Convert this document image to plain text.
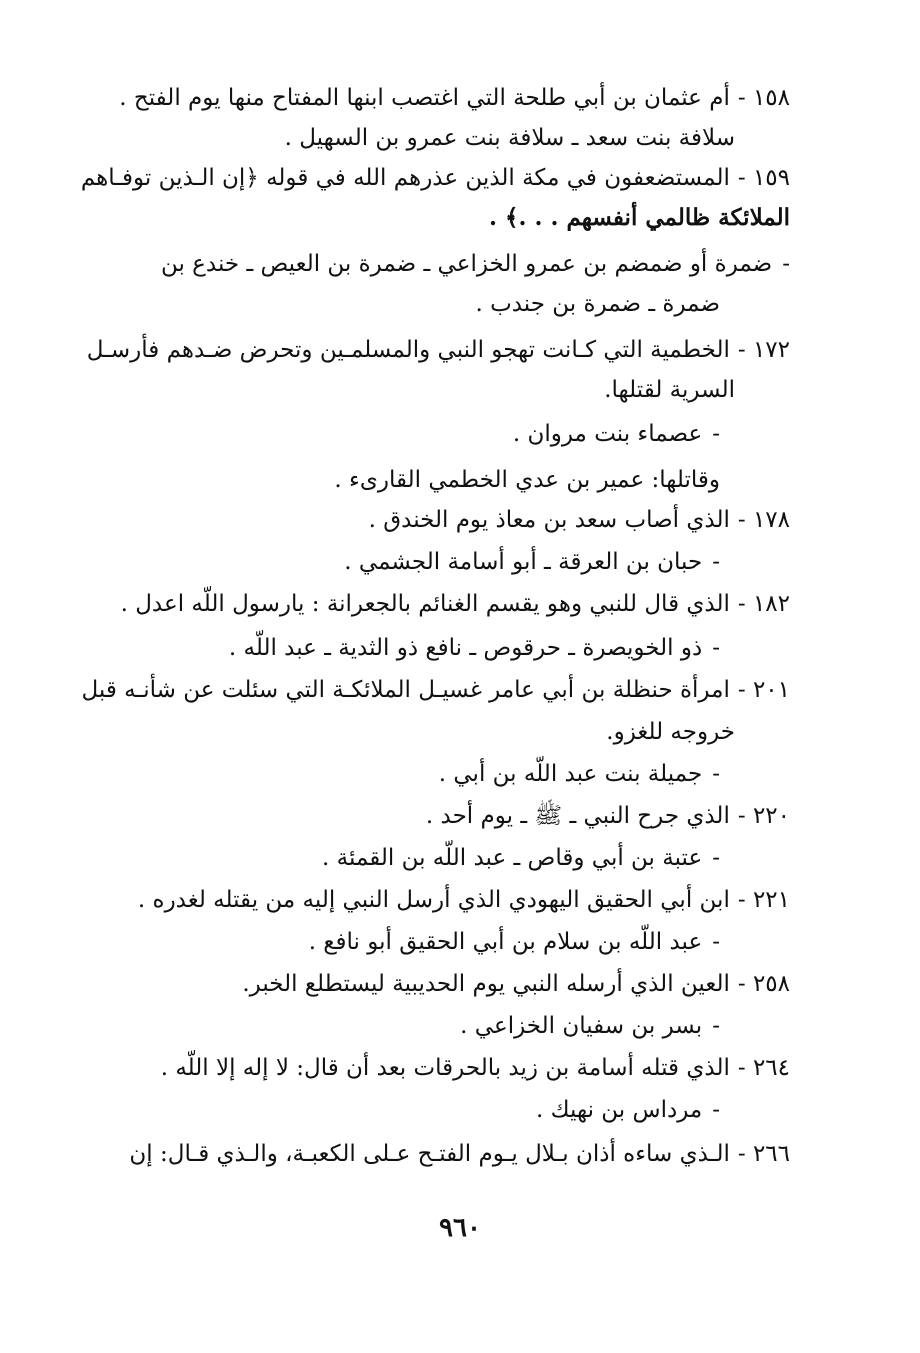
١٥٨ -أم عثمان بن أبي طلحة التي اغتصب ابنها المفتاح منها يوم الفتح .
سلافة بنت سعد ـ سلافة بنت عمرو بن السهيل .
١٥٩ -المستضعفون في مكة الذين عذرهم الله في قوله ﴿إن الـذين توفـاهم
الملائكة ظالمي أنفسهم . . .﴾ .
-ضمرة أو ضمضم بن عمرو الخزاعي ـ ضمرة بن العيص ـ خندع بن
ضمرة ـ ضمرة بن جندب .
١٧٢ -الخطمية التي كـانت تهجو النبي والمسلمـين وتحرض ضـدهم فأرسـل
السرية لقتلها.
-عصماء بنت مروان .
وقاتلها: عمير بن عدي الخطمي القارىء .
١٧٨ -الذي أصاب سعد بن معاذ يوم الخندق .
-حبان بن العرقة ـ أبو أسامة الجشمي .
١٨٢ -الذي قال للنبي وهو يقسم الغنائم بالجعرانة : يارسول اللّه اعدل .
-ذو الخويصرة ـ حرقوص ـ نافع ذو الثدية ـ عبد اللّه .
٢٠١ -امرأة حنظلة بن أبي عامر غسيـل الملائكـة التي سئلت عن شأنـه قبل
خروجه للغزو.
-جميلة بنت عبد اللّه بن أبي .
٢٢٠ -الذي جرح النبي ـ ﷺ ـ يوم أحد .
-عتبة بن أبي وقاص ـ عبد اللّه بن القمئة .
٢٢١ -ابن أبي الحقيق اليهودي الذي أرسل النبي إليه من يقتله لغدره .
-عبد اللّه بن سلام بن أبي الحقيق أبو نافع .
٢٥٨ -العين الذي أرسله النبي يوم الحديبية ليستطلع الخبر.
-بسر بن سفيان الخزاعي .
٢٦٤ -الذي قتله أسامة بن زيد بالحرقات بعد أن قال: لا إله إلا اللّه .
-مرداس بن نهيك .
٢٦٦ -الـذي ساءه أذان بـلال يـوم الفتـح عـلى الكعبـة، والـذي قـال: إن
٩٦٠
